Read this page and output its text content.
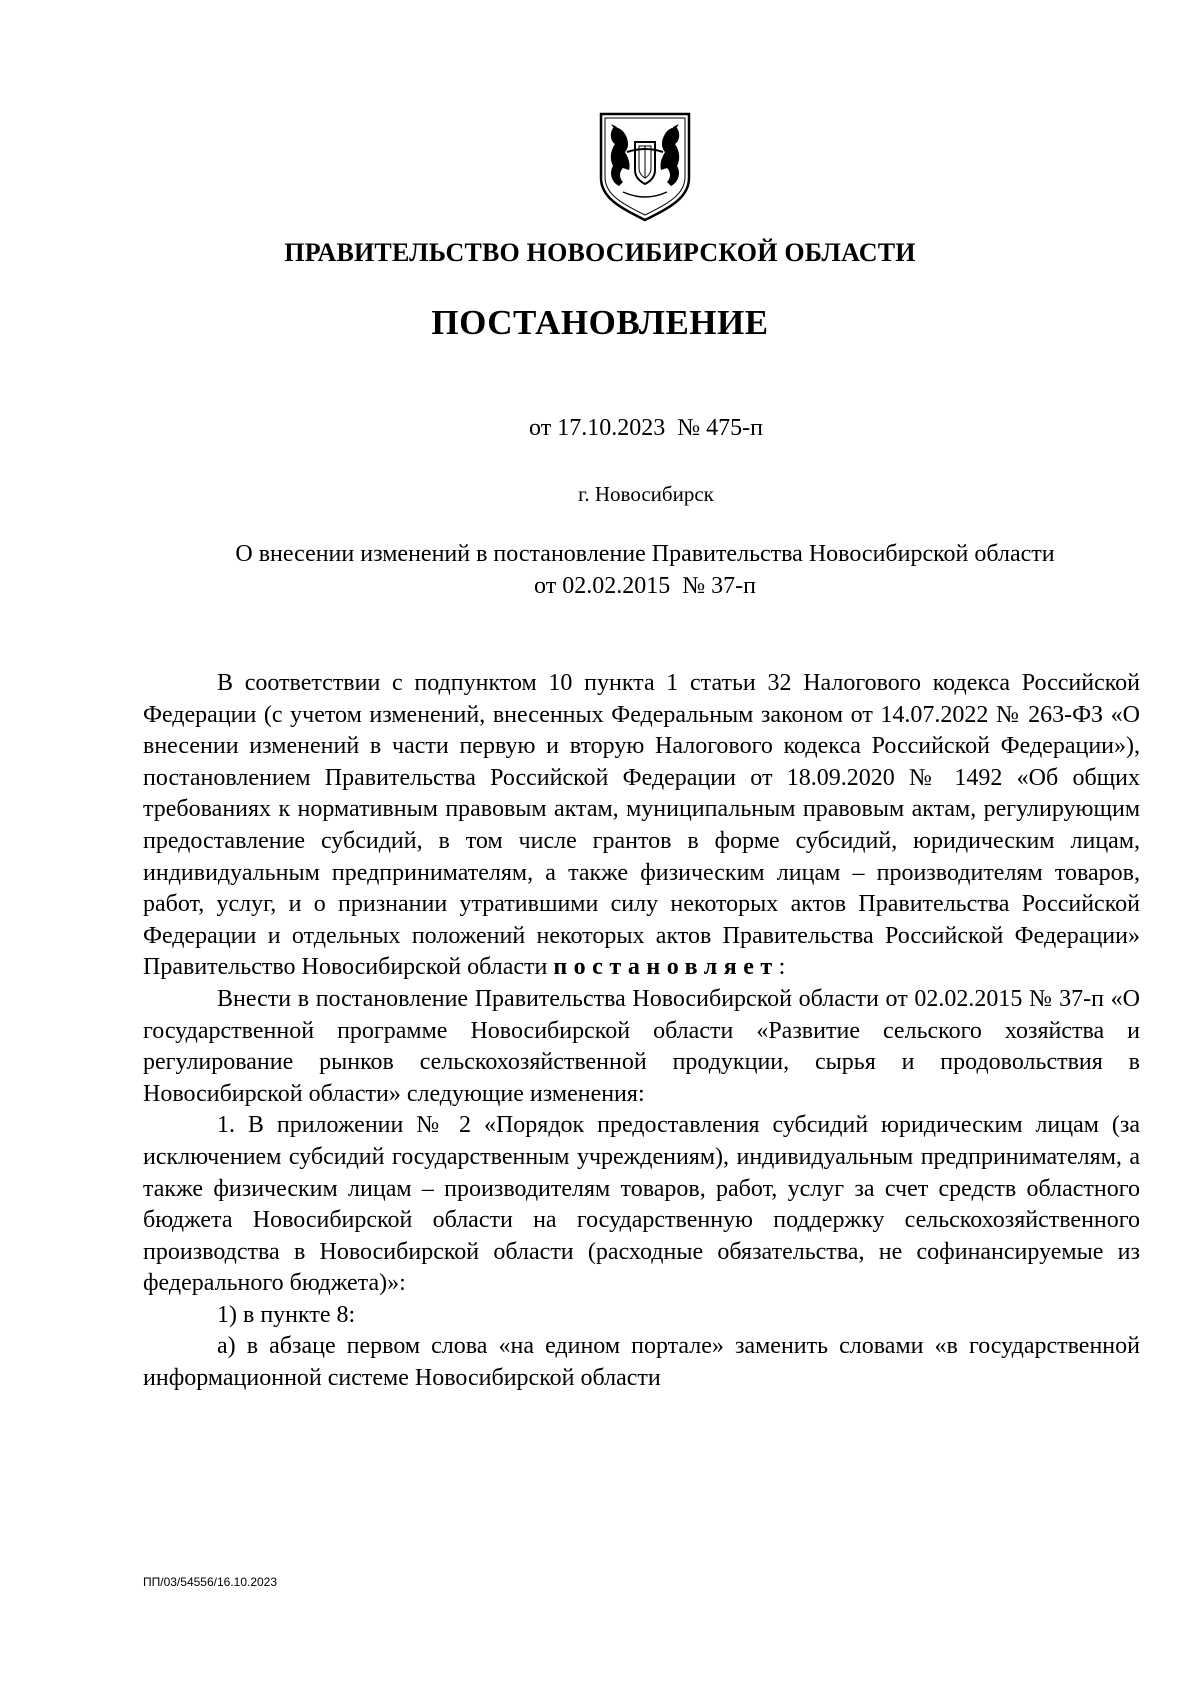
ПРАВИТЕЛЬСТВО НОВОСИБИРСКОЙ ОБЛАСТИ
ПОСТАНОВЛЕНИЕ
от 17.10.2023  № 475-п
г. Новосибирск
О внесении изменений в постановление Правительства Новосибирской области
от 02.02.2015  № 37-п

В соответствии с подпунктом 10 пункта 1 статьи 32 Налогового кодекса Российской Федерации (с учетом изменений, внесенных Федеральным законом от 14.07.2022 № 263-ФЗ «О внесении изменений в части первую и вторую Налогового кодекса Российской Федерации»), постановлением Правительства Российской Федерации от 18.09.2020 № 1492 «Об общих требованиях к нормативным правовым актам, муниципальным правовым актам, регулирующим предоставление субсидий, в том числе грантов в форме субсидий, юридическим лицам, индивидуальным предпринимателям, а также физическим лицам – производителям товаров, работ, услуг, и о признании утратившими силу некоторых актов Правительства Российской Федерации и отдельных положений некоторых актов Правительства Российской Федерации» Правительство Новосибирской области постановляет:

Внести в постановление Правительства Новосибирской области от 02.02.2015 № 37-п «О государственной программе Новосибирской области «Развитие сельского хозяйства и регулирование рынков сельскохозяйственной продукции, сырья и продовольствия в Новосибирской области» следующие изменения:

1. В приложении № 2 «Порядок предоставления субсидий юридическим лицам (за исключением субсидий государственным учреждениям), индивидуальным предпринимателям, а также физическим лицам – производителям товаров, работ, услуг за счет средств областного бюджета Новосибирской области на государственную поддержку сельскохозяйственного производства в Новосибирской области (расходные обязательства, не софинансируемые из федерального бюджета)»:

1) в пункте 8:

а) в абзаце первом слова «на едином портале» заменить словами «в государственной информационной системе Новосибирской области

ПП/03/54556/16.10.2023
